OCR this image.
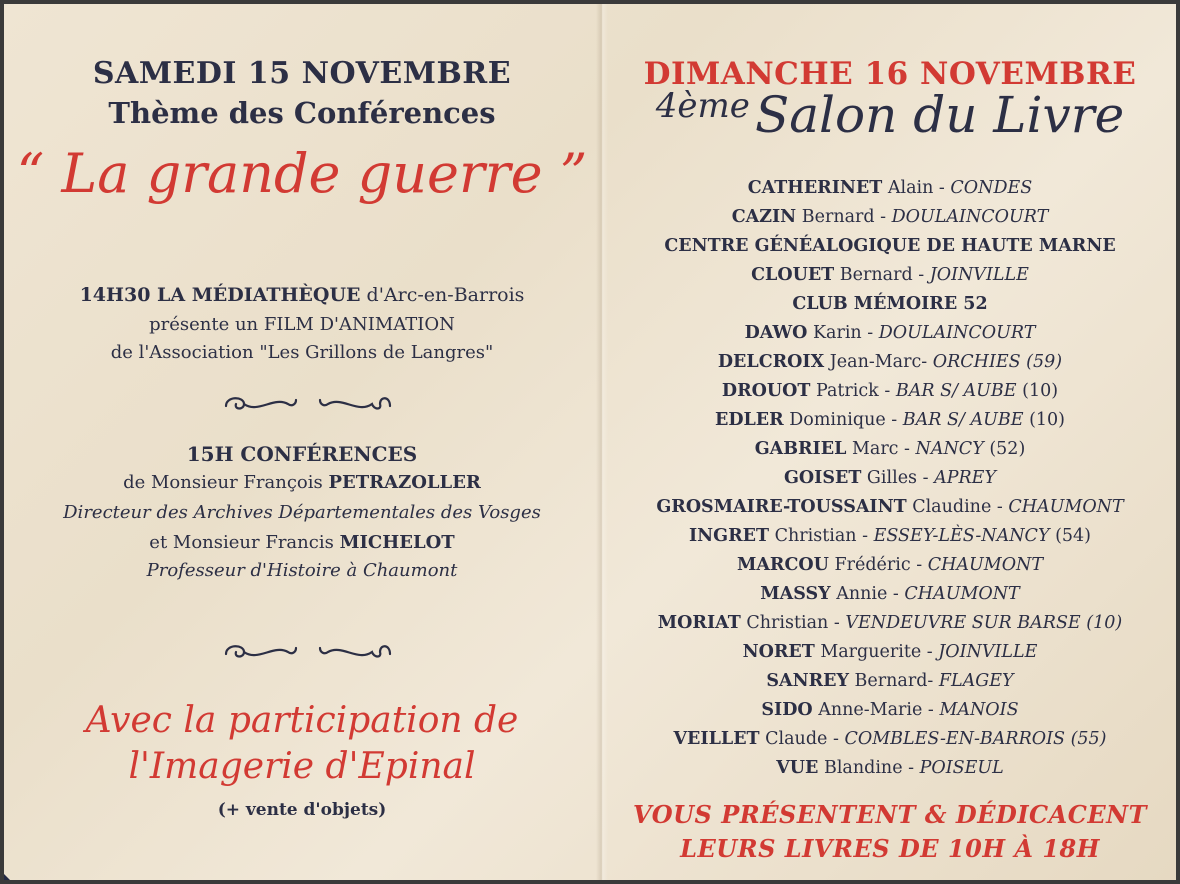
SAMEDI 15 NOVEMBRE
Thème des Conférences
“ La grande guerre ”
14H30 LA MÉDIATHÈQUE d'Arc-en-Barrois
présente un FILM D'ANIMATION
de l'Association "Les Grillons de Langres"
15H CONFÉRENCES
de Monsieur François PETRAZOLLER
Directeur des Archives Départementales des Vosges
et Monsieur Francis MICHELOT
Professeur d'Histoire à Chaumont
Avec la participation de
l'Imagerie d'Epinal
(+ vente d'objets)
DIMANCHE 16 NOVEMBRE
4ème Salon du Livre
CATHERINET Alain - CONDES
CAZIN Bernard - DOULAINCOURT
CENTRE GÉNÉALOGIQUE DE HAUTE MARNE
CLOUET Bernard - JOINVILLE
CLUB MÉMOIRE 52
DAWO Karin - DOULAINCOURT
DELCROIX Jean-Marc- ORCHIES (59)
DROUOT Patrick - BAR S/ AUBE (10)
EDLER Dominique - BAR S/ AUBE (10)
GABRIEL Marc - NANCY (52)
GOISET Gilles - APREY
GROSMAIRE-TOUSSAINT Claudine - CHAUMONT
INGRET Christian - ESSEY-LÈS-NANCY (54)
MARCOU Frédéric - CHAUMONT
MASSY Annie - CHAUMONT
MORIAT Christian - VENDEUVRE SUR BARSE (10)
NORET Marguerite - JOINVILLE
SANREY Bernard- FLAGEY
SIDO Anne-Marie - MANOIS
VEILLET Claude - COMBLES-EN-BARROIS (55)
VUE Blandine - POISEUL
VOUS PRÉSENTENT & DÉDICACENT
LEURS LIVRES DE 10H À 18H
